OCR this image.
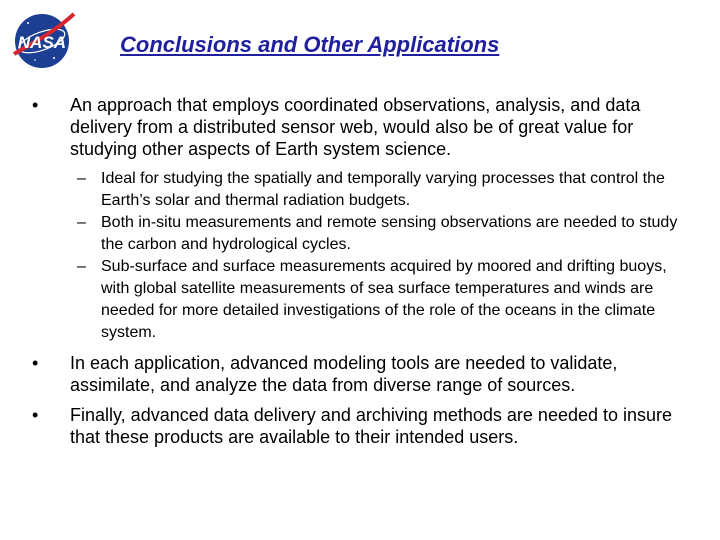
NASA Conclusions and Other Applications
•	An approach that employs coordinated observations, analysis, and data delivery from a distributed sensor web, would also be of great value for studying other aspects of Earth system science.
– Ideal for studying the spatially and temporally varying processes that control the Earth’s solar and thermal radiation budgets.
– Both in-situ measurements and remote sensing observations are needed to study the carbon and hydrological cycles.
– Sub-surface and surface measurements acquired by moored and drifting buoys, with global satellite measurements of sea surface temperatures and winds are needed for more detailed investigations of the role of the oceans in the climate system.
•	In each application, advanced modeling tools are needed to validate, assimilate, and analyze the data from diverse range of sources.
•	Finally, advanced data delivery and archiving methods are needed to insure that these products are available to their intended users.
